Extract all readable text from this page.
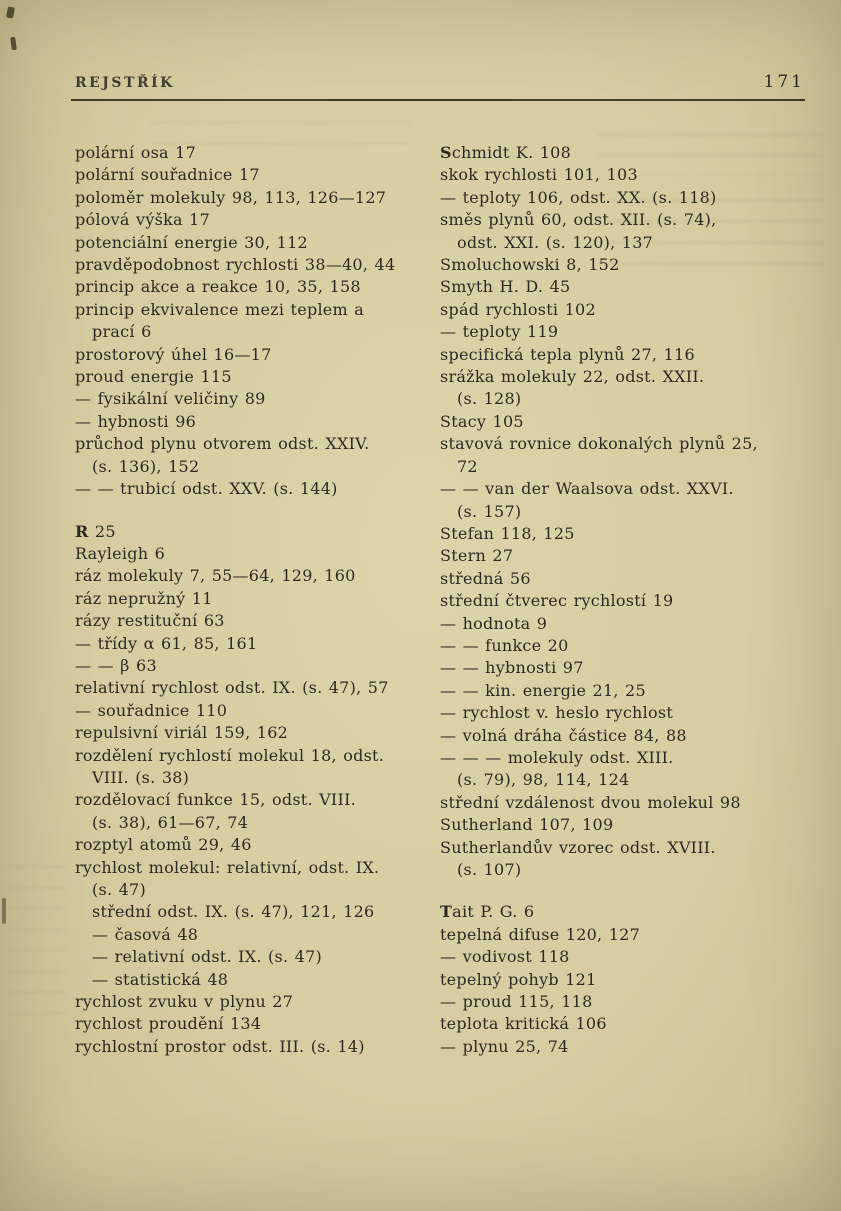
REJSTŘÍK	171
polární osa 17
polární souřadnice 17
poloměr molekuly 98, 113, 126—127
pólová výška 17
potenciální energie 30, 112
pravděpodobnost rychlosti 38—40, 44
princip akce a reakce 10, 35, 158
princip ekvivalence mezi teplem a
prací 6
prostorový úhel 16—17
proud energie 115
— fysikální veličiny 89
— hybnosti 96
průchod plynu otvorem odst. XXIV.
(s. 136), 152
— — trubicí odst. XXV. (s. 144)
R 25
Rayleigh 6
ráz molekuly 7, 55—64, 129, 160
ráz nepružný 11
rázy restituční 63
— třídy α 61, 85, 161
— — β 63
relativní rychlost odst. IX. (s. 47), 57
— souřadnice 110
repulsivní viriál 159, 162
rozdělení rychlostí molekul 18, odst.
VIII. (s. 38)
rozdělovací funkce 15, odst. VIII.
(s. 38), 61—67, 74
rozptyl atomů 29, 46
rychlost molekul: relativní, odst. IX.
(s. 47)
střední odst. IX. (s. 47), 121, 126
— časová 48
— relativní odst. IX. (s. 47)
— statistická 48
rychlost zvuku v plynu 27
rychlost proudění 134
rychlostní prostor odst. III. (s. 14)
Schmidt K. 108
skok rychlosti 101, 103
— teploty 106, odst. XX. (s. 118)
směs plynů 60, odst. XII. (s. 74),
odst. XXI. (s. 120), 137
Smoluchowski 8, 152
Smyth H. D. 45
spád rychlosti 102
— teploty 119
specifická tepla plynů 27, 116
srážka molekuly 22, odst. XXII.
(s. 128)
Stacy 105
stavová rovnice dokonalých plynů 25,
72
— — van der Waalsova odst. XXVI.
(s. 157)
Stefan 118, 125
Stern 27
středná 56
střední čtverec rychlostí 19
— hodnota 9
— — funkce 20
— — hybnosti 97
— — kin. energie 21, 25
— rychlost v. heslo rychlost
— volná dráha částice 84, 88
— — — molekuly odst. XIII.
(s. 79), 98, 114, 124
střední vzdálenost dvou molekul 98
Sutherland 107, 109
Sutherlandův vzorec odst. XVIII.
(s. 107)
Tait P. G. 6
tepelná difuse 120, 127
— vodivost 118
tepelný pohyb 121
— proud 115, 118
teplota kritická 106
— plynu 25, 74
